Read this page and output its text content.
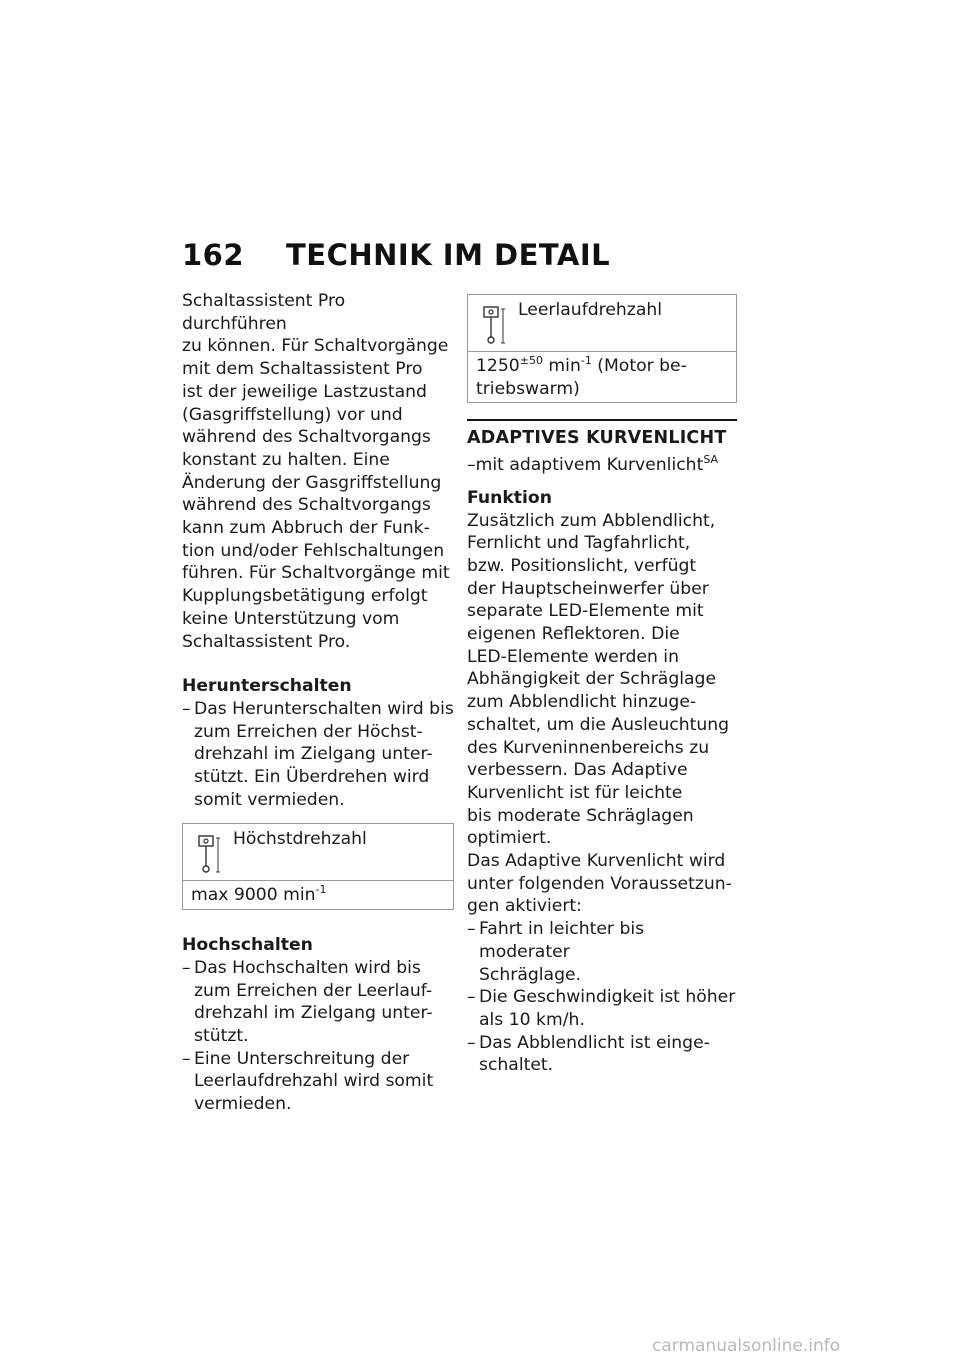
162	TECHNIK IM DETAIL

Schaltassistent Pro durchführen
zu können. Für Schaltvorgänge
mit dem Schaltassistent Pro
ist der jeweilige Lastzustand
(Gasgriffstellung) vor und
während des Schaltvorgangs
konstant zu halten. Eine
Änderung der Gasgriffstellung
während des Schaltvorgangs
kann zum Abbruch der Funk-
tion und/oder Fehlschaltungen
führen. Für Schaltvorgänge mit
Kupplungsbetätigung erfolgt
keine Unterstützung vom
Schaltassistent Pro.

Herunterschalten

– Das Herunterschalten wird bis
zum Erreichen der Höchst-
drehzahl im Zielgang unter-
stützt. Ein Überdrehen wird
somit vermieden.
Höchstdrehzahl
max 9000 $\min^{-1}$

Hochschalten

– Das Hochschalten wird bis
zum Erreichen der Leerlauf-
drehzahl im Zielgang unter-
stützt.
– Eine Unterschreitung der
Leerlaufdrehzahl wird somit
vermieden.
Leerlaufdrehzahl
$1250^{\pm 50}$ $\min^{-1}$ (Motor be-
triebswarm)

ADAPTIVES KURVENLICHT

–mit adaptivem Kurvenlicht$^{SA}$

Funktion

Zusätzlich zum Abblendlicht,
Fernlicht und Tagfahrlicht,
bzw. Positionslicht, verfügt
der Hauptscheinwerfer über
separate LED-Elemente mit
eigenen Reflektoren. Die
LED-Elemente werden in
Abhängigkeit der Schräglage
zum Abblendlicht hinzuge-
schaltet, um die Ausleuchtung
des Kurveninnenbereichs zu
verbessern. Das Adaptive
Kurvenlicht ist für leichte
bis moderate Schräglagen
optimiert.
Das Adaptive Kurvenlicht wird
unter folgenden Voraussetzun-
gen aktiviert:

– Fahrt in leichter bis moderater
Schräglage.
– Die Geschwindigkeit ist höher
als 10 km/h.
– Das Abblendlicht ist einge-
schaltet.
carmanualsonline.info
